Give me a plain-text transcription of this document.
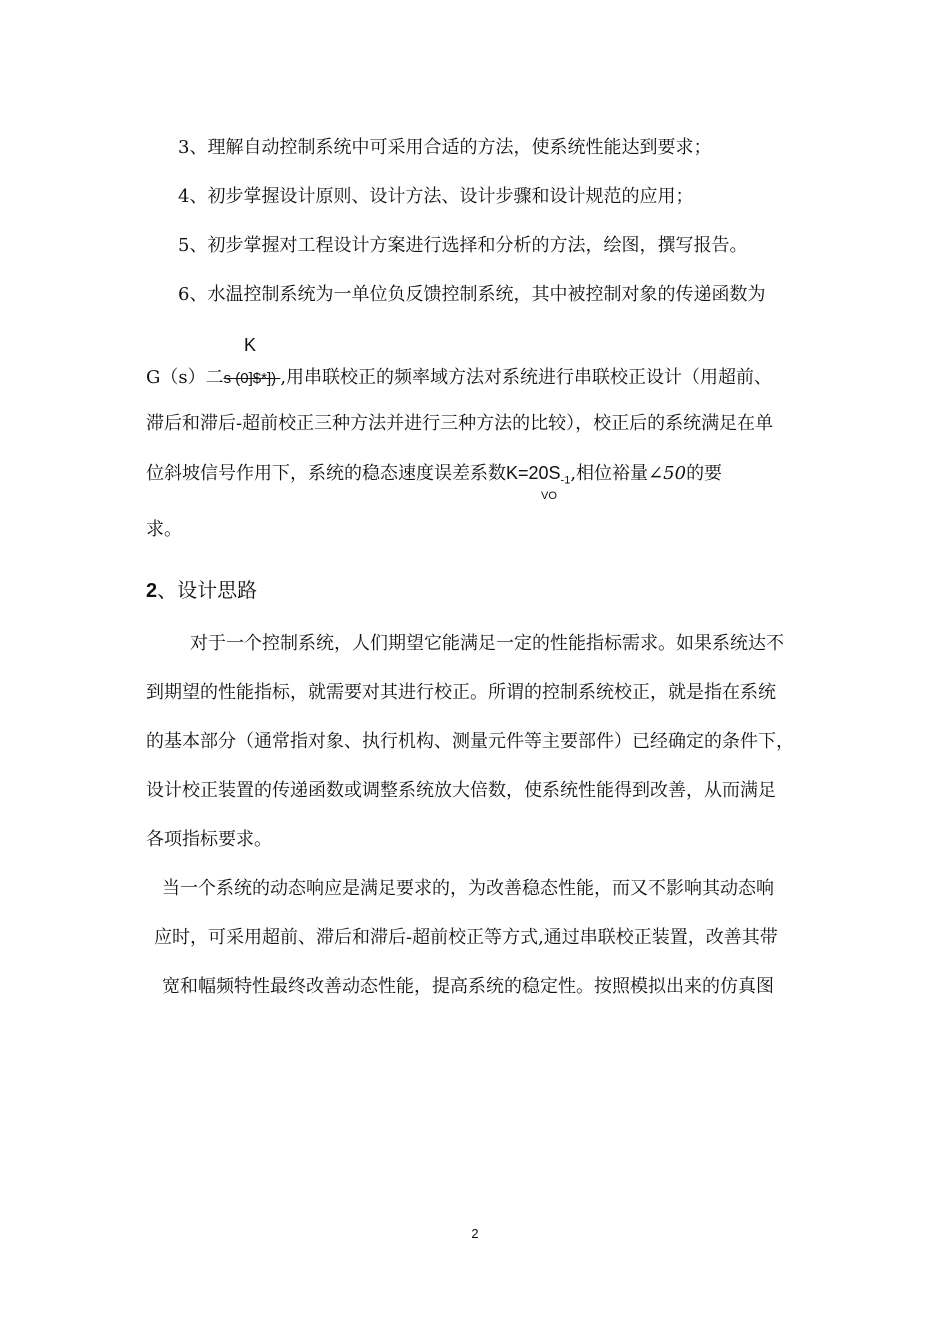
3、理解自动控制系统中可采用合适的方法，使系统性能达到要求；
4、初步掌握设计原则、设计方法、设计步骤和设计规范的应用；
5、初步掌握对工程设计方案进行选择和分析的方法，绘图，撰写报告。
6、水温控制系统为一单位负反馈控制系统，其中被控制对象的传递函数为
K
G（s）二s (0]$*]) ,用串联校正的频率域方法对系统进行串联校正设计（用超前、
滞后和滞后-超前校正三种方法并进行三种方法的比较），校正后的系统满足在单
位斜坡信号作用下，系统的稳态速度误差系数$K=20S_{-1}$,相位裕量∠50的要
VO
求。
2、设计思路
对于一个控制系统，人们期望它能满足一定的性能指标需求。如果系统达不
到期望的性能指标，就需要对其进行校正。所谓的控制系统校正，就是指在系统
的基本部分（通常指对象、执行机构、测量元件等主要部件）已经确定的条件下，
设计校正装置的传递函数或调整系统放大倍数，使系统性能得到改善，从而满足
各项指标要求。
当一个系统的动态响应是满足要求的，为改善稳态性能，而又不影响其动态响
应时，可采用超前、滞后和滞后-超前校正等方式,通过串联校正装置，改善其带
宽和幅频特性最终改善动态性能，提高系统的稳定性。按照模拟出来的仿真图
2
